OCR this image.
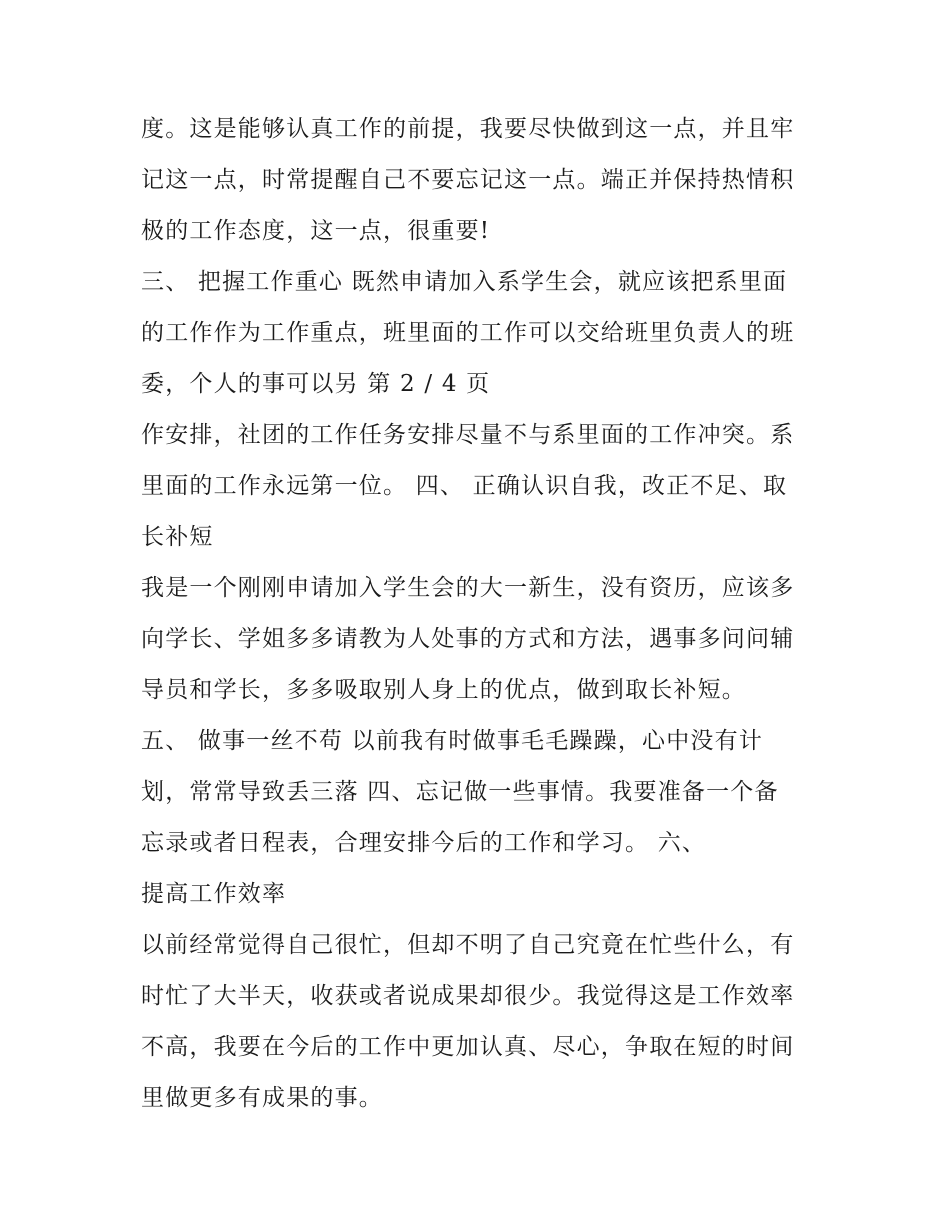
度。这是能够认真工作的前提，我要尽快做到这一点，并且牢
记这一点，时常提醒自己不要忘记这一点。端正并保持热情积
极的工作态度，这一点，很重要!
三、 把握工作重心 既然申请加入系学生会，就应该把系里面
的工作作为工作重点，班里面的工作可以交给班里负责人的班
委，个人的事可以另 第 2 / 4 页
作安排，社团的工作任务安排尽量不与系里面的工作冲突。系
里面的工作永远第一位。 四、 正确认识自我，改正不足、取
长补短
我是一个刚刚申请加入学生会的大一新生，没有资历，应该多
向学长、学姐多多请教为人处事的方式和方法，遇事多问问辅
导员和学长，多多吸取别人身上的优点，做到取长补短。
五、 做事一丝不苟 以前我有时做事毛毛躁躁，心中没有计
划，常常导致丢三落 四、忘记做一些事情。我要准备一个备
忘录或者日程表，合理安排今后的工作和学习。 六、
提高工作效率
以前经常觉得自己很忙，但却不明了自己究竟在忙些什么，有
时忙了大半天，收获或者说成果却很少。我觉得这是工作效率
不高，我要在今后的工作中更加认真、尽心，争取在短的时间
里做更多有成果的事。
